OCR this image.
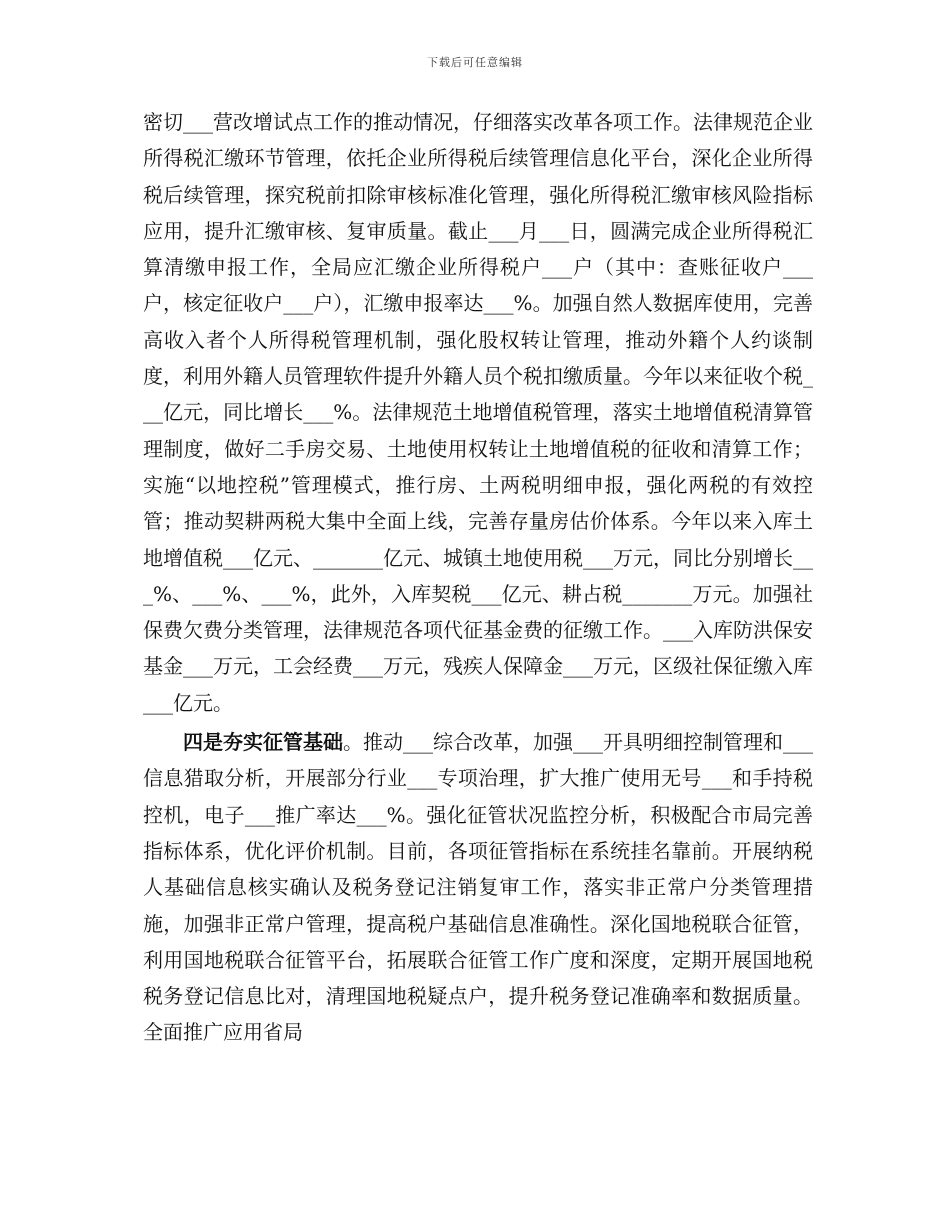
下载后可任意编辑

密切___营改增试点工作的推动情况，仔细落实改革各项工作。法律规范企业所得税汇缴环节管理，依托企业所得税后续管理信息化平台，深化企业所得税后续管理，探究税前扣除审核标准化管理，强化所得税汇缴审核风险指标应用，提升汇缴审核、复审质量。截止___月___日，圆满完成企业所得税汇算清缴申报工作，全局应汇缴企业所得税户___户（其中：查账征收户___户，核定征收户___户），汇缴申报率达___%。加强自然人数据库使用，完善高收入者个人所得税管理机制，强化股权转让管理，推动外籍个人约谈制度，利用外籍人员管理软件提升外籍人员个税扣缴质量。今年以来征收个税___亿元，同比增长___%。法律规范土地增值税管理，落实土地增值税清算管理制度，做好二手房交易、土地使用权转让土地增值税的征收和清算工作；实施“以地控税”管理模式，推行房、土两税明细申报，强化两税的有效控管；推动契耕两税大集中全面上线，完善存量房估价体系。今年以来入库土地增值税___亿元、_______亿元、城镇土地使用税___万元，同比分别增长___%、___%、___%，此外，入库契税___亿元、耕占税_______万元。加强社保费欠费分类管理，法律规范各项代征基金费的征缴工作。___入库防洪保安基金___万元，工会经费___万元，残疾人保障金___万元，区级社保征缴入库___亿元。

四是夯实征管基础。推动___综合改革，加强___开具明细控制管理和___信息猎取分析，开展部分行业___专项治理，扩大推广使用无号___和手持税控机，电子___推广率达___%。强化征管状况监控分析，积极配合市局完善指标体系，优化评价机制。目前，各项征管指标在系统挂名靠前。开展纳税人基础信息核实确认及税务登记注销复审工作，落实非正常户分类管理措施，加强非正常户管理，提高税户基础信息准确性。深化国地税联合征管，利用国地税联合征管平台，拓展联合征管工作广度和深度，定期开展国地税税务登记信息比对，清理国地税疑点户，提升税务登记准确率和数据质量。全面推广应用省局
